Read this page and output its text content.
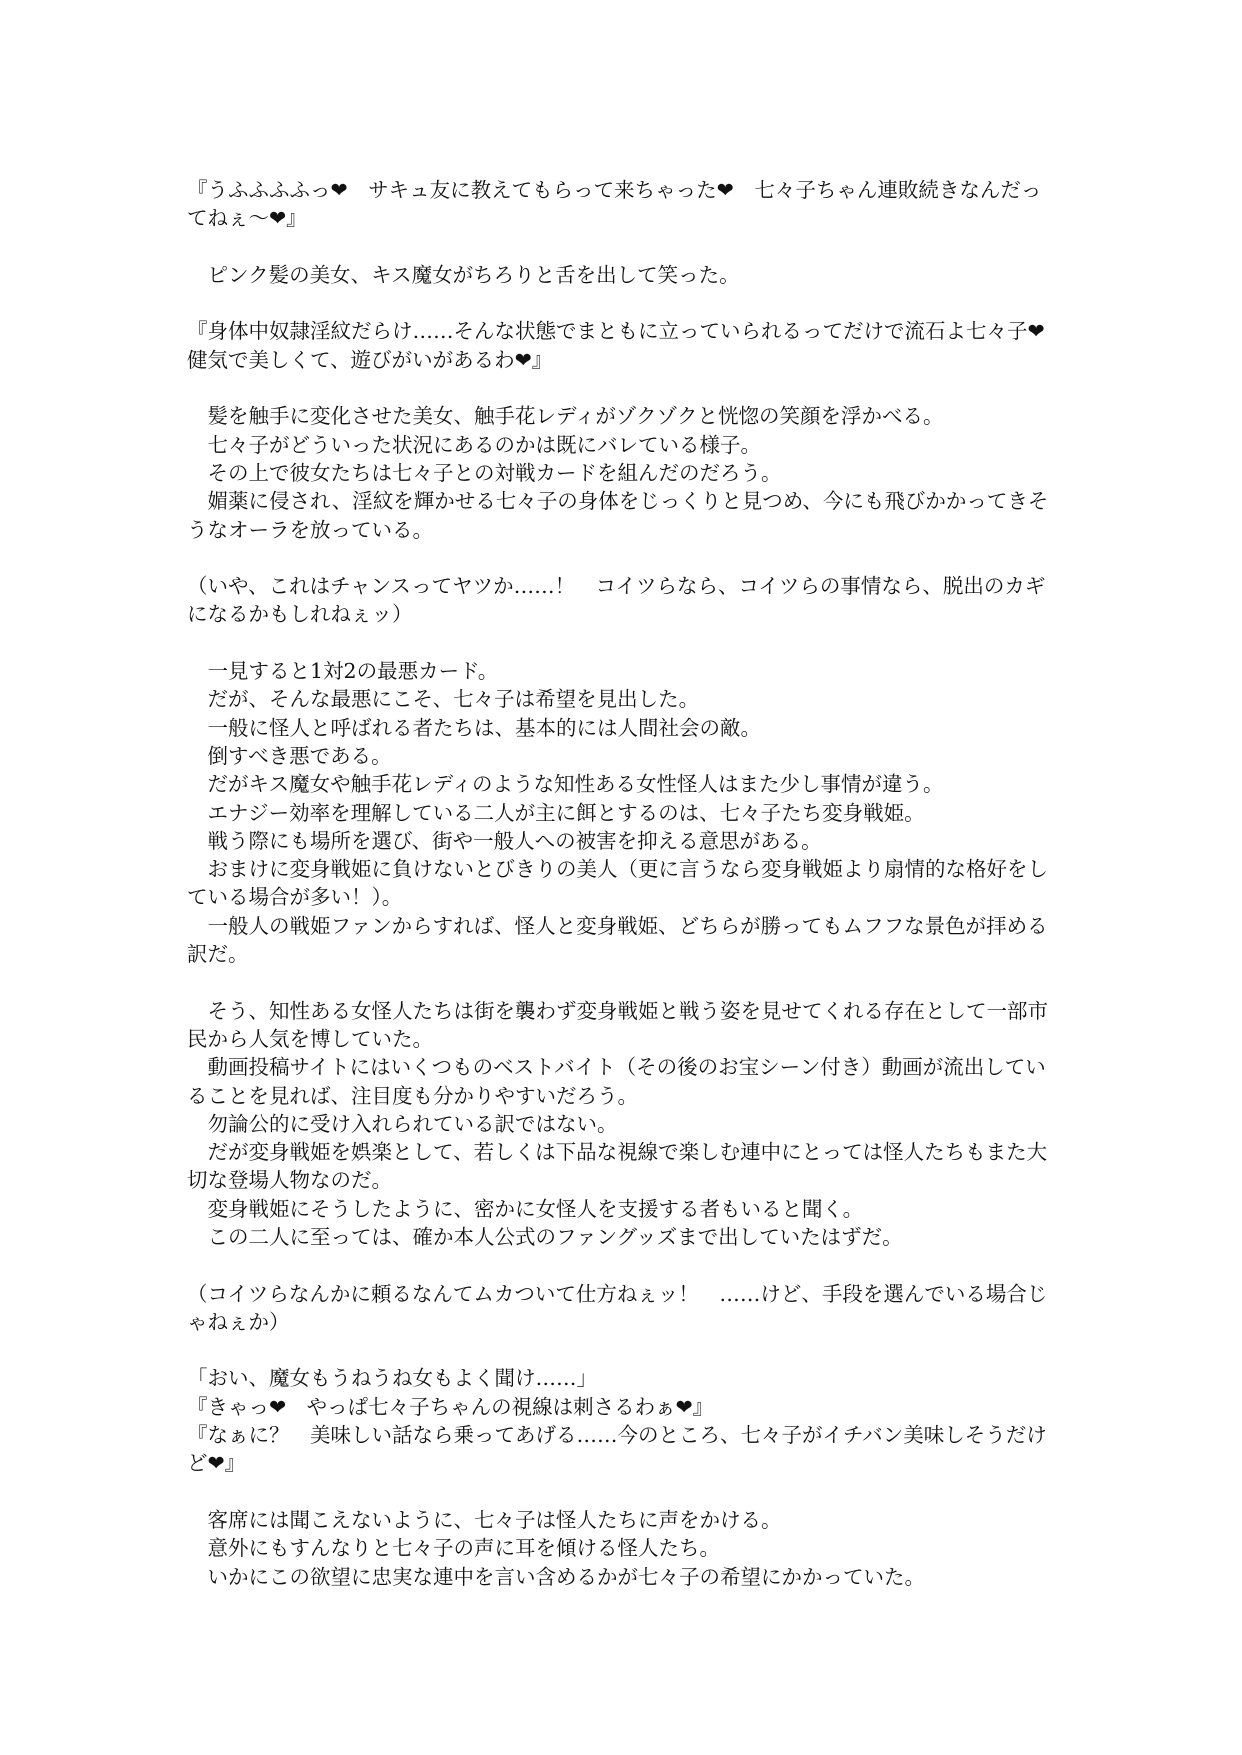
『うふふふふっ❤　サキュ友に教えてもらって来ちゃった❤　七々子ちゃん連敗続きなんだってねぇ〜❤』

　ピンク髪の美女、キス魔女がちろりと舌を出して笑った。

『身体中奴隷淫紋だらけ……そんな状態でまともに立っていられるってだけで流石よ七々子❤　健気で美しくて、遊びがいがあるわ❤』

　髪を触手に変化させた美女、触手花レディがゾクゾクと恍惚の笑顔を浮かべる。

　七々子がどういった状況にあるのかは既にバレている様子。

　その上で彼女たちは七々子との対戦カードを組んだのだろう。

　媚薬に侵され、淫紋を輝かせる七々子の身体をじっくりと見つめ、今にも飛びかかってきそうなオーラを放っている。

（いや、これはチャンスってヤツか……！　コイツらなら、コイツらの事情なら、脱出のカギになるかもしれねぇッ）

　一見すると1対2の最悪カード。

　だが、そんな最悪にこそ、七々子は希望を見出した。

　一般に怪人と呼ばれる者たちは、基本的には人間社会の敵。

　倒すべき悪である。

　だがキス魔女や触手花レディのような知性ある女性怪人はまた少し事情が違う。

　エナジー効率を理解している二人が主に餌とするのは、七々子たち変身戦姫。

　戦う際にも場所を選び、街や一般人への被害を抑える意思がある。

　おまけに変身戦姫に負けないとびきりの美人（更に言うなら変身戦姫より扇情的な格好をしている場合が多い！）。

　一般人の戦姫ファンからすれば、怪人と変身戦姫、どちらが勝ってもムフフな景色が拝める訳だ。

　そう、知性ある女怪人たちは街を襲わず変身戦姫と戦う姿を見せてくれる存在として一部市民から人気を博していた。

　動画投稿サイトにはいくつものベストバイト（その後のお宝シーン付き）動画が流出していることを見れば、注目度も分かりやすいだろう。

　勿論公的に受け入れられている訳ではない。

　だが変身戦姫を娯楽として、若しくは下品な視線で楽しむ連中にとっては怪人たちもまた大切な登場人物なのだ。

　変身戦姫にそうしたように、密かに女怪人を支援する者もいると聞く。

　この二人に至っては、確か本人公式のファングッズまで出していたはずだ。

（コイツらなんかに頼るなんてムカついて仕方ねぇッ！　……けど、手段を選んでいる場合じゃねぇか）

「おい、魔女もうねうね女もよく聞け……」

『きゃっ❤　やっぱ七々子ちゃんの視線は刺さるわぁ❤』

『なぁに？　美味しい話なら乗ってあげる……今のところ、七々子がイチバン美味しそうだけど❤』

　客席には聞こえないように、七々子は怪人たちに声をかける。

　意外にもすんなりと七々子の声に耳を傾ける怪人たち。

　いかにこの欲望に忠実な連中を言い含めるかが七々子の希望にかかっていた。
